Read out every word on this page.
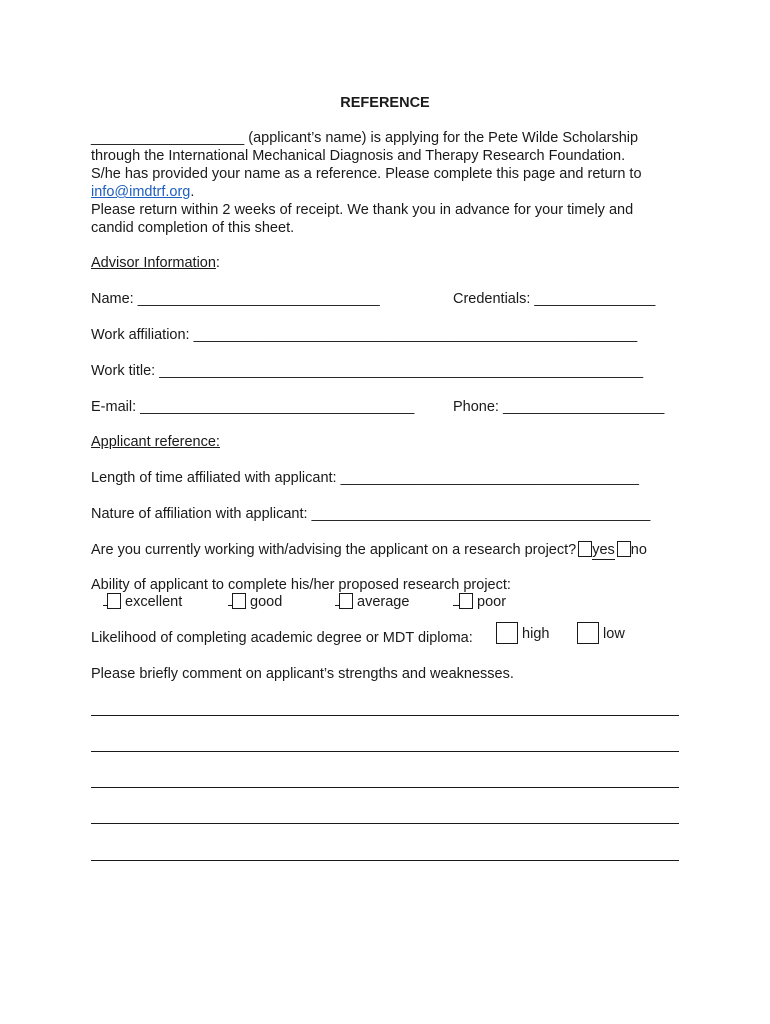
REFERENCE
___________________ (applicant’s name) is applying for the Pete Wilde Scholarship
through the International Mechanical Diagnosis and Therapy Research Foundation.
S/he has provided your name as a reference. Please complete this page and return to
info@imdtrf.org.
Please return within 2 weeks of receipt. We thank you in advance for your timely and
candid completion of this sheet.
Advisor Information:
Name: ______________________________	Credentials: _______________
Work affiliation: _______________________________________________________
Work title: ____________________________________________________________
E-mail: __________________________________	Phone: ____________________
Applicant reference:
Length of time affiliated with applicant: _____________________________________
Nature of affiliation with applicant: __________________________________________
Are you currently working with/advising the applicant on a research project? yes no
Ability of applicant to complete his/her proposed research project:
excellent	good	average	poor
Likelihood of completing academic degree or MDT diploma:	high	low
Please briefly comment on applicant’s strengths and weaknesses.
